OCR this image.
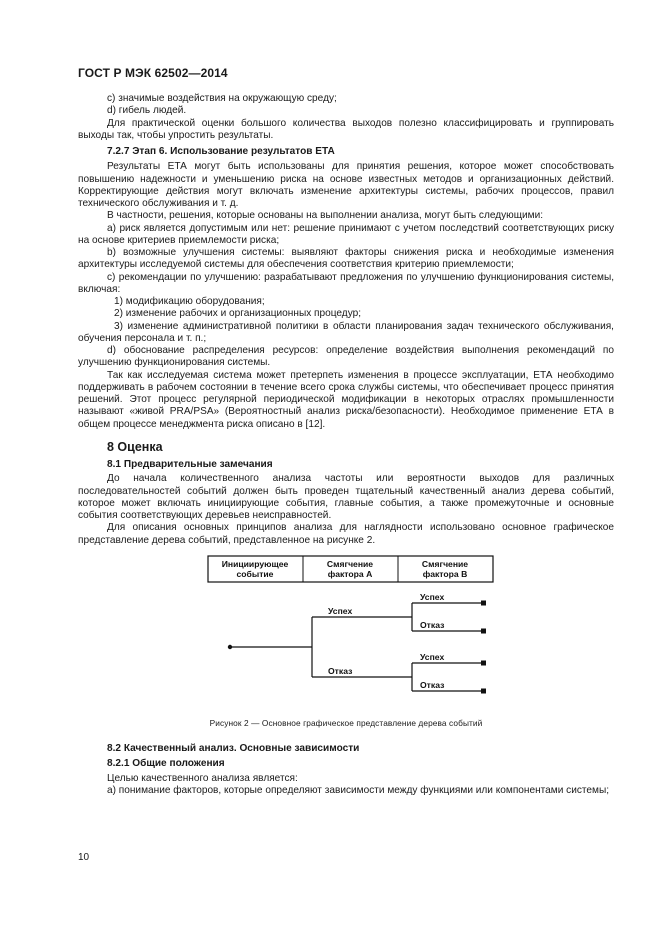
ГОСТ Р МЭК 62502—2014

c) значимые воздействия на окружающую среду;

d) гибель людей.

Для практической оценки большого количества выходов полезно классифицировать и группировать выходы так, чтобы упростить результаты.

7.2.7 Этап 6. Использование результатов ЕТА

Результаты ЕТА могут быть использованы для принятия решения, которое может способствовать повышению надежности и уменьшению риска на основе известных методов и организационных действий. Корректирующие действия могут включать изменение архитектуры системы, рабочих процессов, правил технического обслуживания и т. д.

В частности, решения, которые основаны на выполнении анализа, могут быть следующими:

а) риск является допустимым или нет: решение принимают с учетом последствий соответствующих риску на основе критериев приемлемости риска;

b) возможные улучшения системы: выявляют факторы снижения риска и необходимые изменения архитектуры исследуемой системы для обеспечения соответствия критерию приемлемости;

c) рекомендации по улучшению: разрабатывают предложения по улучшению функционирования системы, включая:

1) модификацию оборудования;

2) изменение рабочих и организационных процедур;

3) изменение административной политики в области планирования задач технического обслуживания, обучения персонала и т. п.;

d) обоснование распределения ресурсов: определение воздействия выполнения рекомендаций по улучшению функционирования системы.

Так как исследуемая система может претерпеть изменения в процессе эксплуатации, ЕТА необходимо поддерживать в рабочем состоянии в течение всего срока службы системы, что обеспечивает процесс принятия решений. Этот процесс регулярной периодической модификации в некоторых отраслях промышленности называют «живой PRA/PSA» (Вероятностный анализ риска/безопасности). Необходимое применение ЕТА в общем процессе менеджмента риска описано в [12].

8 Оценка
8.1 Предварительные замечания

До начала количественного анализа частоты или вероятности выходов для различных последовательностей событий должен быть проведен тщательный качественный анализ дерева событий, которое может включать инициирующие события, главные события, а также промежуточные и основные события соответствующих деревьев неисправностей.

Для описания основных принципов анализа для наглядности использовано основное графическое представление дерева событий, представленное на рисунке 2.

Инициирующее
событие
Смягчение
фактора А
Смягчение
фактора В
Успех
Отказ
Успех
Отказ
Успех
Отказ
Рисунок 2 — Основное графическое представление дерева событий
8.2 Качественный анализ. Основные зависимости
8.2.1 Общие положения

Целью качественного анализа является:

а) понимание факторов, которые определяют зависимости между функциями или компонентами системы;

10
